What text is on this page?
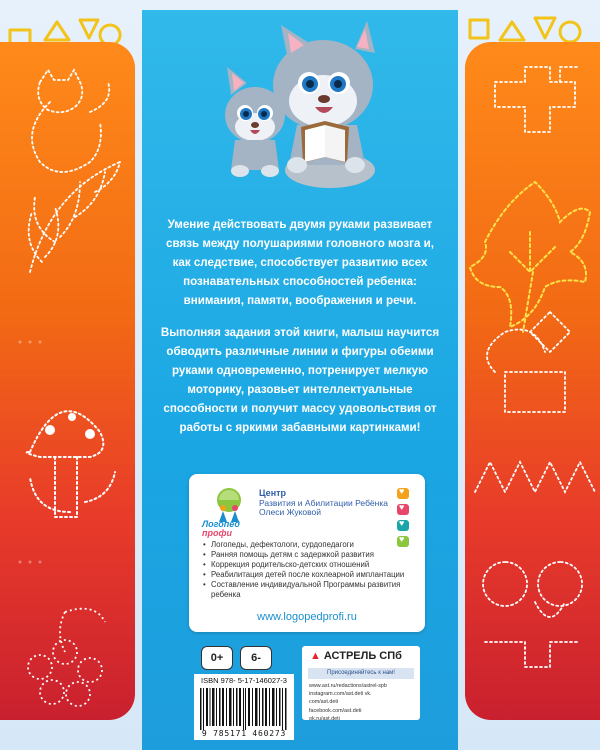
Умение действовать двумя руками развивает связь между полушариями головного мозга и, как следствие, способствует развитию всех познавательных способностей ребенка: внимания, памяти, воображения и речи.
Выполняя задания этой книги, малыш научится обводить различные линии и фигуры обеими руками одновременно, потренирует мелкую моторику, разовьет интеллектуальные способности и получит массу удовольствия от работы с яркими забавными картинками!
Логопед
профи
Центр
Развития и Абилитации Ребёнка
Олеси Жуковой
♥
♥
♥
♥
• Логопеды, дефектологи, сурдопедагоги
• Ранняя помощь детям с задержкой развития
• Коррекция родительско-детских отношений
• Реабилитация детей после кохлеарной имплантации
• Составление индивидуальной Программы развития ребенка
www.logopedprofi.ru
0+	6-
ISBN 978- 5-17-146027-3
9 785171 460273
▲ АСТРЕЛЬ СПб
Присоединяйтесь к нам!
www.ast.ru/redactions/astrel-spb
instagram.com/ast.deti vk.
com/ast.deti
facebook.com/ast.deti
ok.ru/ast.deti
